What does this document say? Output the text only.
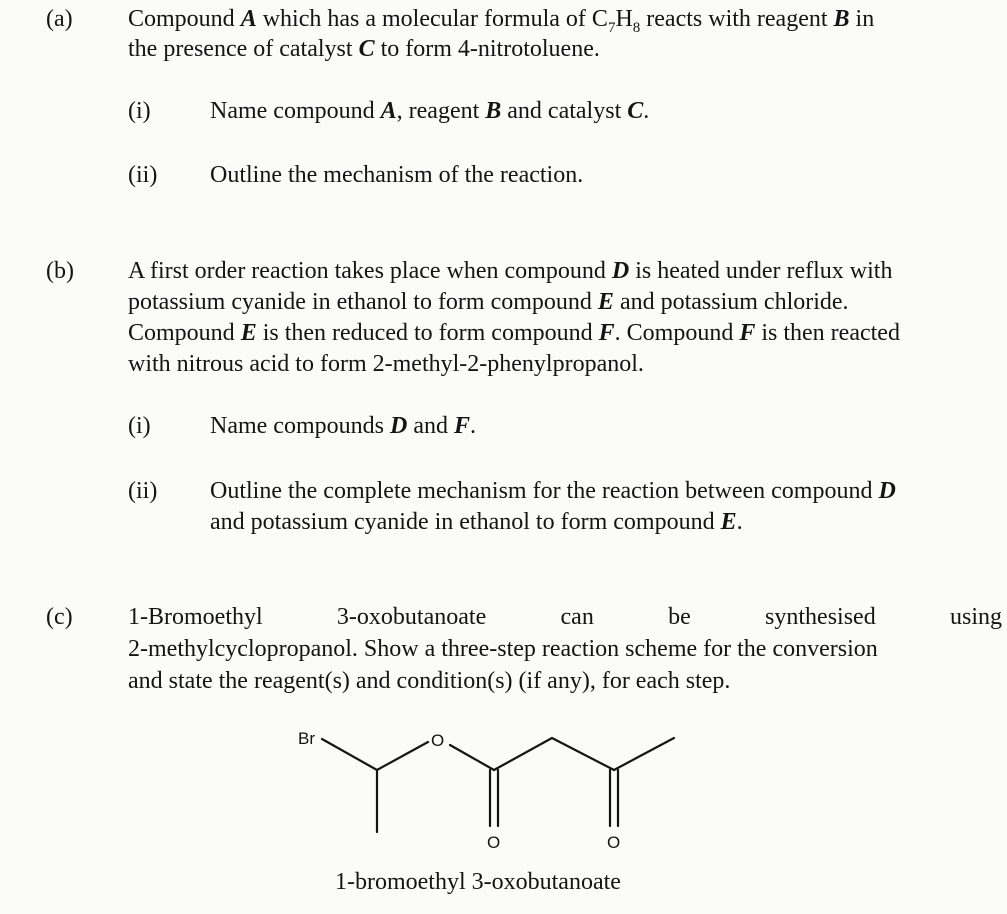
(a) Compound A which has a molecular formula of $C_7H_8$ reacts with reagent B in
the presence of catalyst C to form 4-nitrotoluene.
(i) Name compound A, reagent B and catalyst C.
(ii) Outline the mechanism of the reaction.
(b) A first order reaction takes place when compound D is heated under reflux with
potassium cyanide in ethanol to form compound E and potassium chloride.
Compound E is then reduced to form compound F. Compound F is then reacted
with nitrous acid to form 2-methyl-2-phenylpropanol.
(i) Name compounds D and F.
(ii) Outline the complete mechanism for the reaction between compound D
and potassium cyanide in ethanol to form compound E.
(c) 1-Bromoethyl 3-oxobutanoate can be synthesised using
2-methylcyclopropanol. Show a three-step reaction scheme for the conversion
and state the reagent(s) and condition(s) (if any), for each step.
Br	O
O	O
1-bromoethyl 3-oxobutanoate
